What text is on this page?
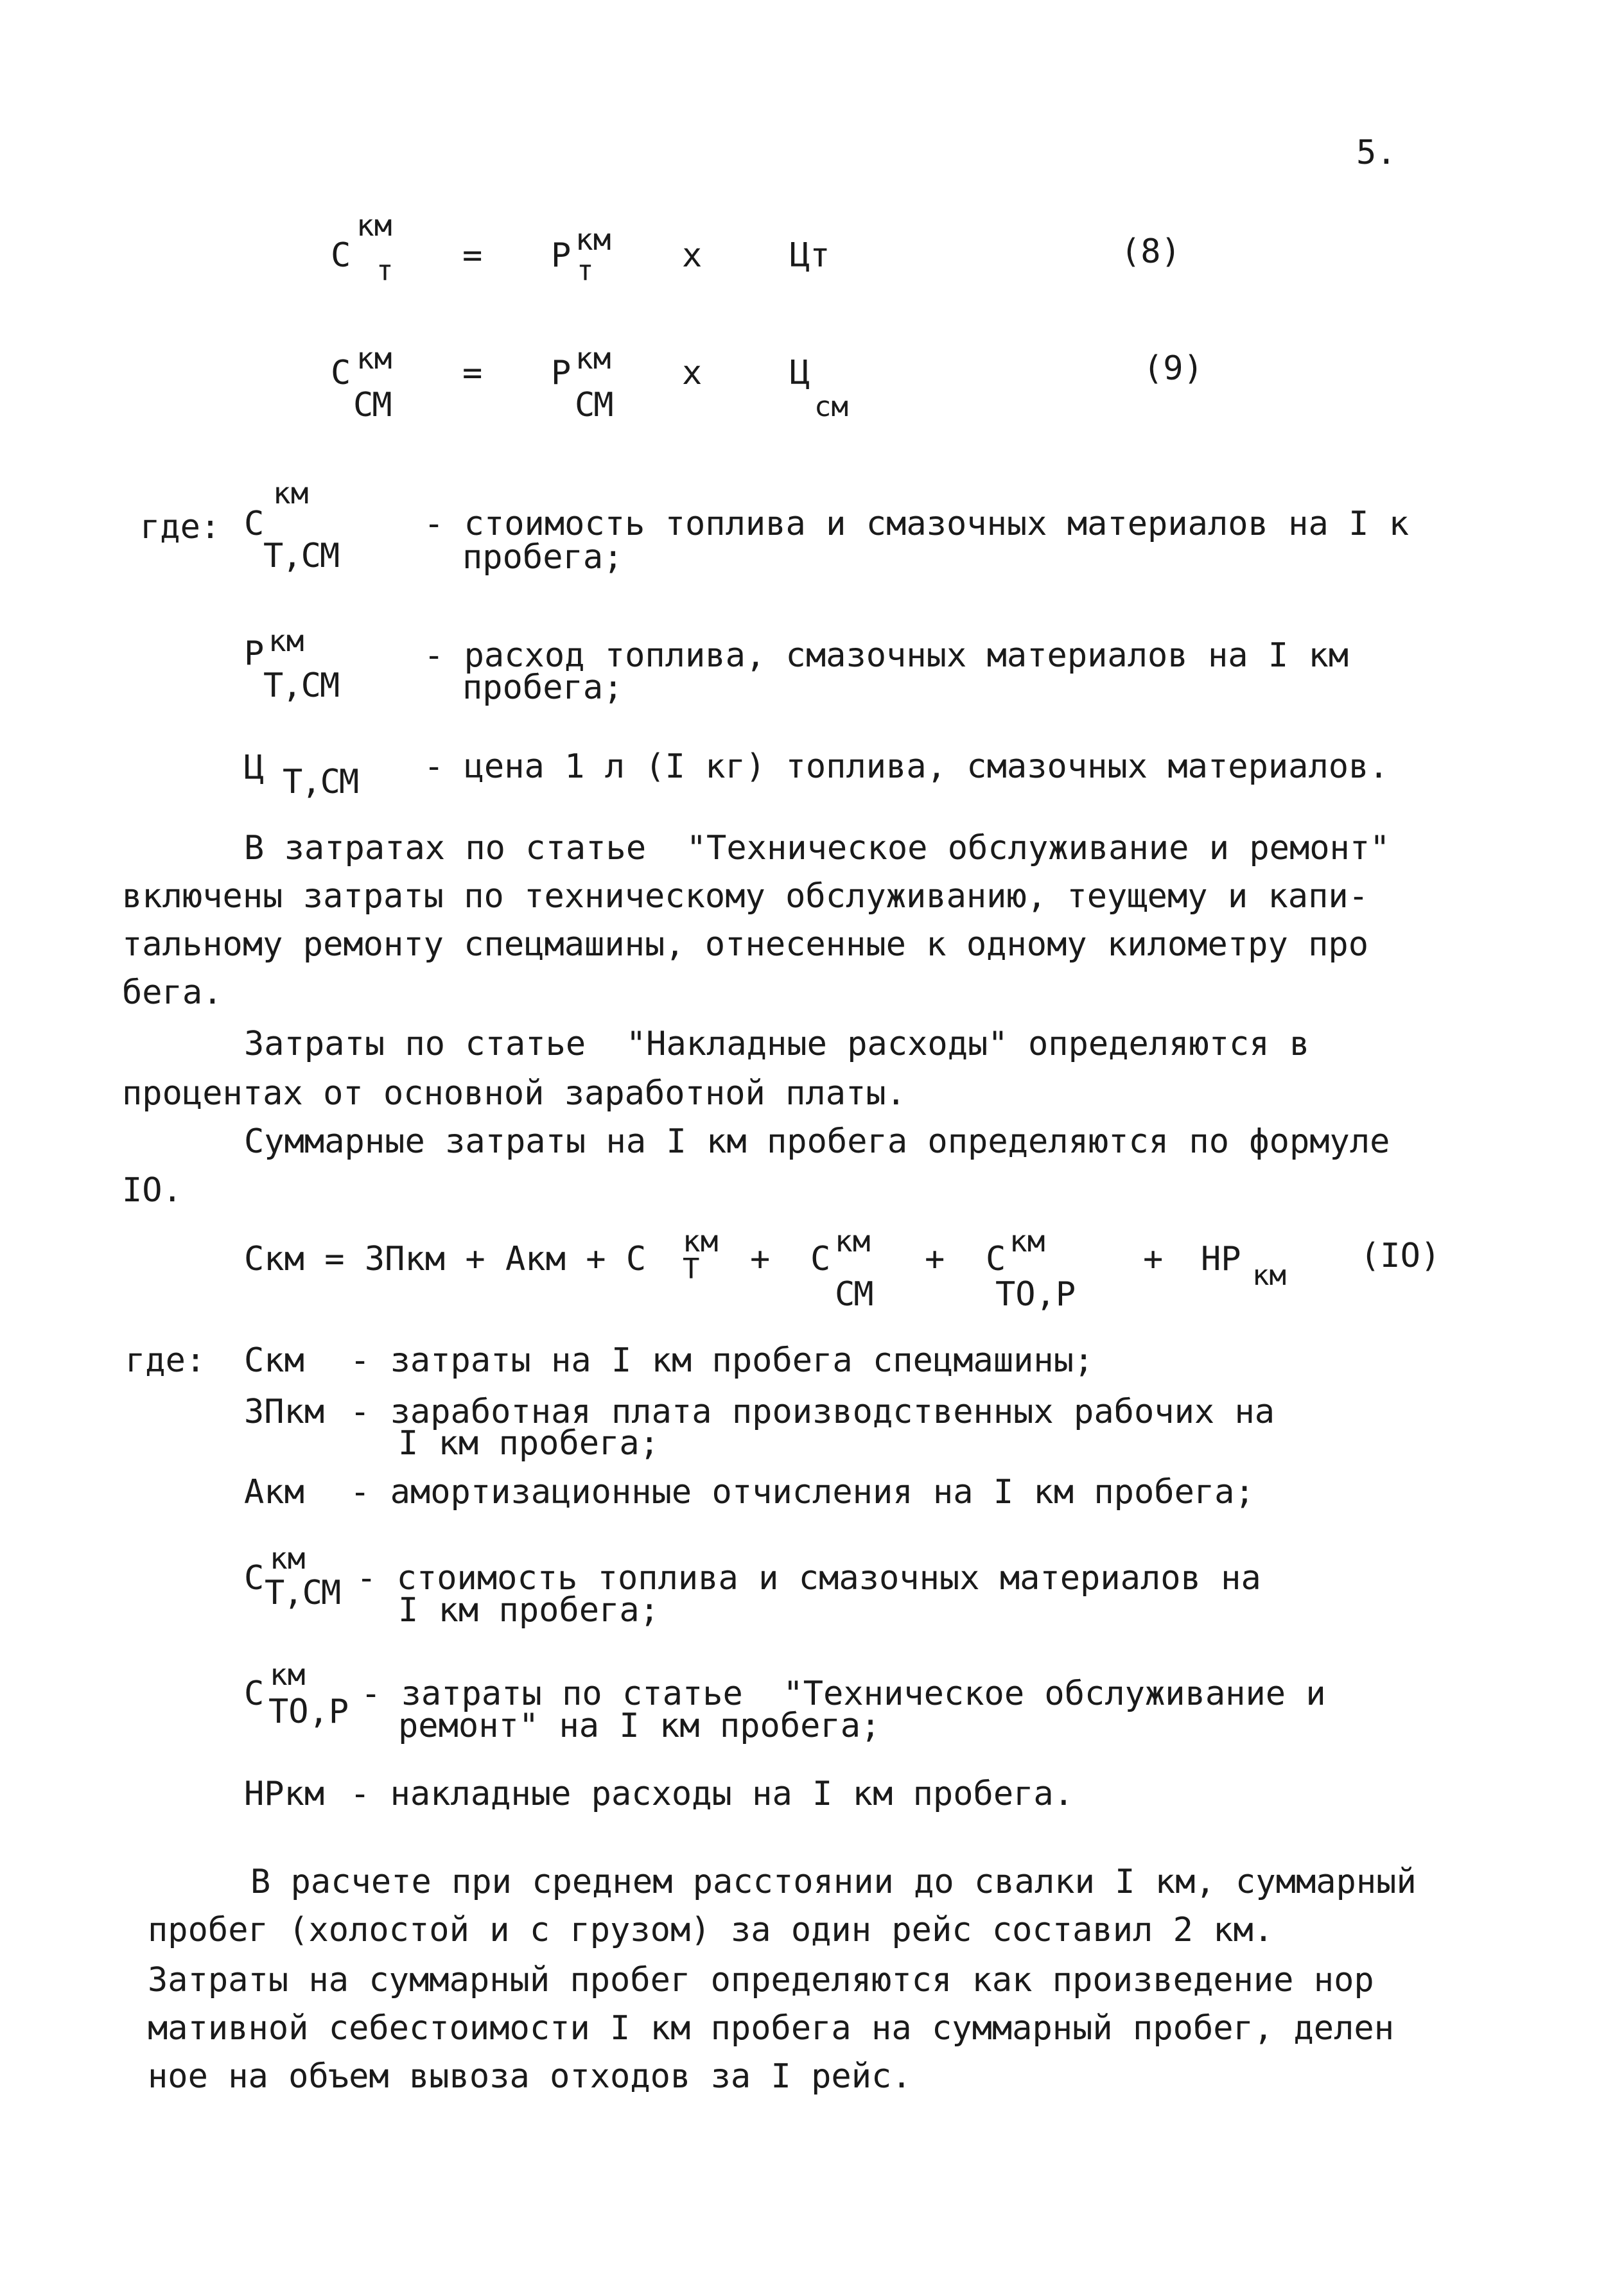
5.
С
км
т = Р км
т	х	Цт	(8)
С км
СМ
= Р км
СМ
х	Ц
см
(9)
где: С
км
Т,СМ
- стоимость топлива и смазочных материалов на I к
пробега;
Р км
Т,СМ
- расход топлива, смазочных материалов на I км
пробега;
Ц Т,СМ - цена 1 л (I кг) топлива, смазочных материалов.
В затратах по статье  "Техническое обслуживание и ремонт"
включены затраты по техническому обслуживанию, теущему и капи-
тальному ремонту спецмашины, отнесенные к одному километру про
бега.
Затраты по статье  "Накладные расходы" определяются в
процентах от основной заработной платы.
Суммарные затраты на I км пробега определяются по формуле
IO.
Скм = ЗПкм + Акм + С км
Т + С км
СМ
+ С км
ТО,Р
+ НР км
(IO)
где: Скм - затраты на I км пробега спецмашины;
ЗПкм - заработная плата производственных рабочих на
I км пробега;
Акм - амортизационные отчисления на I км пробега;
С
км
Т,СМ - стоимость топлива и смазочных материалов на
I км пробега;
С км
ТО,Р - затраты по статье  "Техническое обслуживание и
ремонт" на I км пробега;
НРкм - накладные расходы на I км пробега.
В расчете при среднем расстоянии до свалки I км, суммарный
пробег (холостой и с грузом) за один рейс составил 2 км.
Затраты на суммарный пробег определяются как произведение нор
мативной себестоимости I км пробега на суммарный пробег, делен
ное на объем вывоза отходов за I рейс.
